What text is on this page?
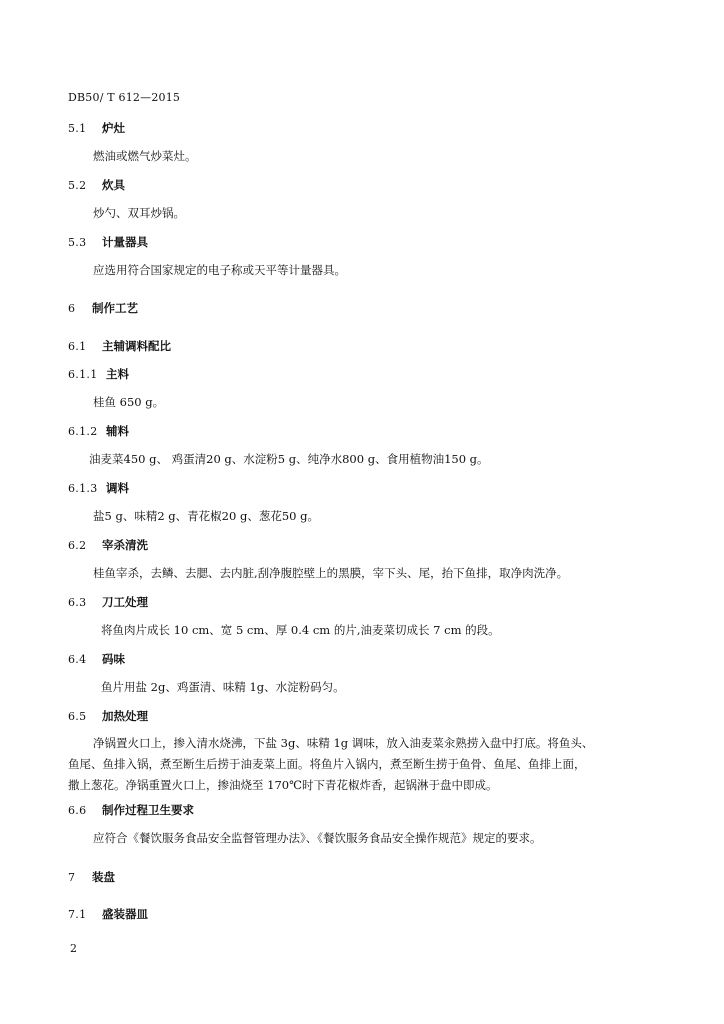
DB50/ T 612—2015
5.1 炉灶
燃油或燃气炒菜灶。
5.2 炊具
炒勺、双耳炒锅。
5.3 计量器具
应选用符合国家规定的电子称或天平等计量器具。
6 制作工艺
6.1 主辅调料配比
6.1.1 主料
桂鱼 650 g。
6.1.2 辅料
油麦菜450 g、 鸡蛋清20 g、水淀粉5 g、纯净水800 g、食用植物油150 g。
6.1.3 调料
盐5 g、味精2 g、青花椒20 g、葱花50 g。
6.2 宰杀清洗
桂鱼宰杀，去鳞、去腮、去内脏,刮净腹腔壁上的黑膜，宰下头、尾，抬下鱼排，取净肉洗净。
6.3 刀工处理
将鱼肉片成长 10 cm、宽 5 cm、厚 0.4 cm 的片,油麦菜切成长 7 cm 的段。
6.4 码味
鱼片用盐 2g、鸡蛋清、味精 1g、水淀粉码匀。
6.5 加热处理
净锅置火口上，掺入清水烧沸，下盐 3g、味精 1g 调味，放入油麦菜汆熟捞入盘中打底。将鱼头、
鱼尾、鱼排入锅，煮至断生后捞于油麦菜上面。将鱼片入锅内，煮至断生捞于鱼骨、鱼尾、鱼排上面，
撒上葱花。净锅重置火口上，掺油烧至 170℃时下青花椒炸香，起锅淋于盘中即成。
6.6 制作过程卫生要求
应符合《餐饮服务食品安全监督管理办法》、《餐饮服务食品安全操作规范》规定的要求。
7 装盘
7.1 盛装器皿
2
